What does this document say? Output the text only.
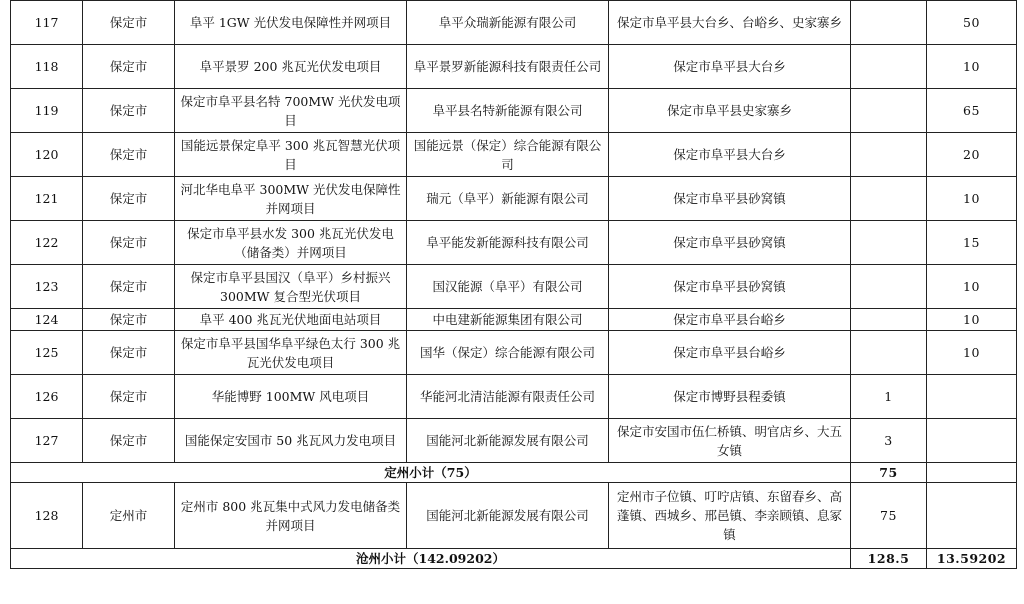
117	保定市	阜平 1GW 光伏发电保障性并网项目	阜平众瑞新能源有限公司	保定市阜平县大台乡、台峪乡、史家寨乡		50
118	保定市	阜平景罗 200 兆瓦光伏发电项目	阜平景罗新能源科技有限责任公司	保定市阜平县大台乡		10
119	保定市	保定市阜平县名特 700MW 光伏发电项目	阜平县名特新能源有限公司	保定市阜平县史家寨乡		65
120	保定市	国能远景保定阜平 300 兆瓦智慧光伏项目	国能远景（保定）综合能源有限公司	保定市阜平县大台乡		20
121	保定市	河北华电阜平 300MW 光伏发电保障性并网项目	瑞元（阜平）新能源有限公司	保定市阜平县砂窝镇		10
122	保定市	保定市阜平县水发 300 兆瓦光伏发电（储备类）并网项目	阜平能发新能源科技有限公司	保定市阜平县砂窝镇		15
123	保定市	保定市阜平县国汉（阜平）乡村振兴 300MW 复合型光伏项目	国汉能源（阜平）有限公司	保定市阜平县砂窝镇		10
124	保定市	阜平 400 兆瓦光伏地面电站项目	中电建新能源集团有限公司	保定市阜平县台峪乡		10
125	保定市	保定市阜平县国华阜平绿色太行 300 兆瓦光伏发电项目	国华（保定）综合能源有限公司	保定市阜平县台峪乡		10
126	保定市	华能博野 100MW 风电项目	华能河北清洁能源有限责任公司	保定市博野县程委镇	1	
127	保定市	国能保定安国市 50 兆瓦风力发电项目	国能河北新能源发展有限公司	保定市安国市伍仁桥镇、明官店乡、大五女镇	3	
定州小计（75）					75	
128	定州市	定州市 800 兆瓦集中式风力发电储备类并网项目	国能河北新能源发展有限公司	定州市子位镇、叮咛店镇、东留春乡、高蓬镇、西城乡、邢邑镇、李亲顾镇、息冢镇	75	
沧州小计（142.09202）					128.5	13.59202
